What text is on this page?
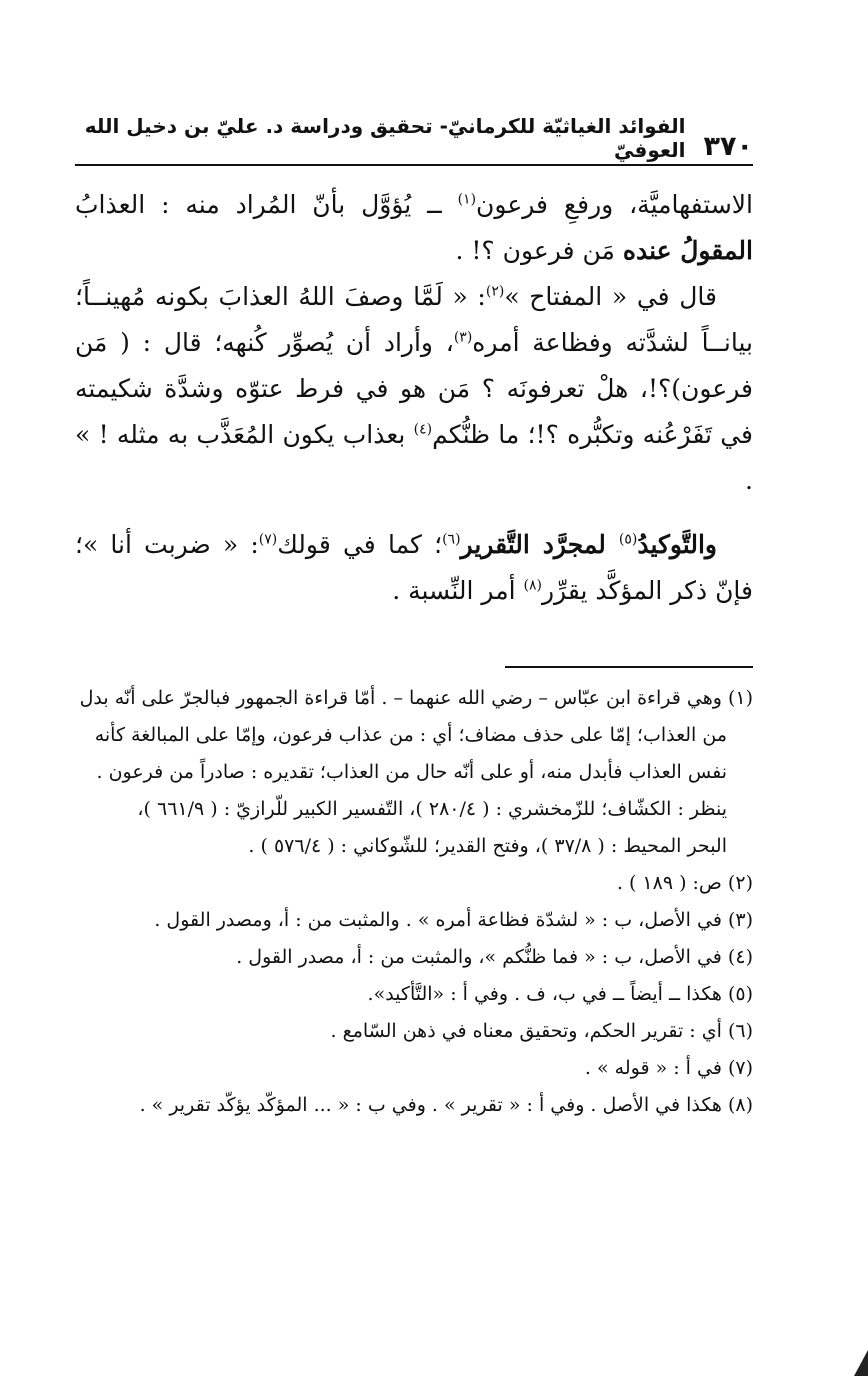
٣٧٠
الفوائد الغياثيّة للكرمانيّ- تحقيق ودراسة د. عليّ بن دخيل الله العوفيّ

الاستفهاميَّة، ورفعِ فرعون$^{(١)}$ ــ يُؤوَّل بأنّ المُراد منه : العذابُ المقولُ عنده مَن فرعون ؟! .

قال في « المفتاح »$^{(٢)}$: « لَمَّا وصفَ اللهُ العذابَ بكونه مُهينــاً؛ بيانــاً لشدَّته وفظاعة أمره$^{(٣)}$، وأراد أن يُصوِّر كُنهه؛ قال : ( مَن فرعون)؟!، هلْ تعرفونَه ؟ مَن هو في فرط عتوّه وشدَّة شكيمته في تَفَرْعُنه وتكبُّره ؟!؛ ما ظنُّكم$^{(٤)}$ بعذاب يكون المُعَذَّب به مثله ! » .

والتَّوكيدُ$^{(٥)}$ لمجرَّد التَّقرير$^{(٦)}$؛ كما في قولك$^{(٧)}$: « ضربت أنا »؛ فإنّ ذكر المؤكَّد يقرِّر$^{(٨)}$ أمر النِّسبة .

(١) وهي قراءة ابن عبّاس – رضي الله عنهما – . أمّا قراءة الجمهور فبالجرّ على أنّه بدل

من العذاب؛ إمّا على حذف مضاف؛ أي : من عذاب فرعون، وإمّا على المبالغة كأنه

نفس العذاب فأبدل منه، أو على أنّه حال من العذاب؛ تقديره : صادراً من فرعون .

ينظر : الكشّاف؛ للزّمخشري : ( ٢٨٠/٤ )، التّفسير الكبير للّرازيّ : ( ٦٦١/٩ )،

البحر المحيط : ( ٣٧/٨ )، وفتح القدير؛ للشّوكاني : ( ٥٧٦/٤ ) .

(٢) ص: ( ١٨٩ ) .

(٣) في الأصل، ب : « لشدّة فظاعة أمره » . والمثبت من : أ، ومصدر القول .

(٤) في الأصل، ب : « فما ظنُّكم »، والمثبت من : أ، مصدر القول .

(٥) هكذا ــ أيضاً ــ في ب، ف . وفي أ : «التَّأكيد».

(٦) أي : تقرير الحكم، وتحقيق معناه في ذهن السّامع .

(٧) في أ : « قوله » .

(٨) هكذا في الأصل . وفي أ : « تقرير » . وفي ب : « ... المؤكّد يؤكّد تقرير » .
